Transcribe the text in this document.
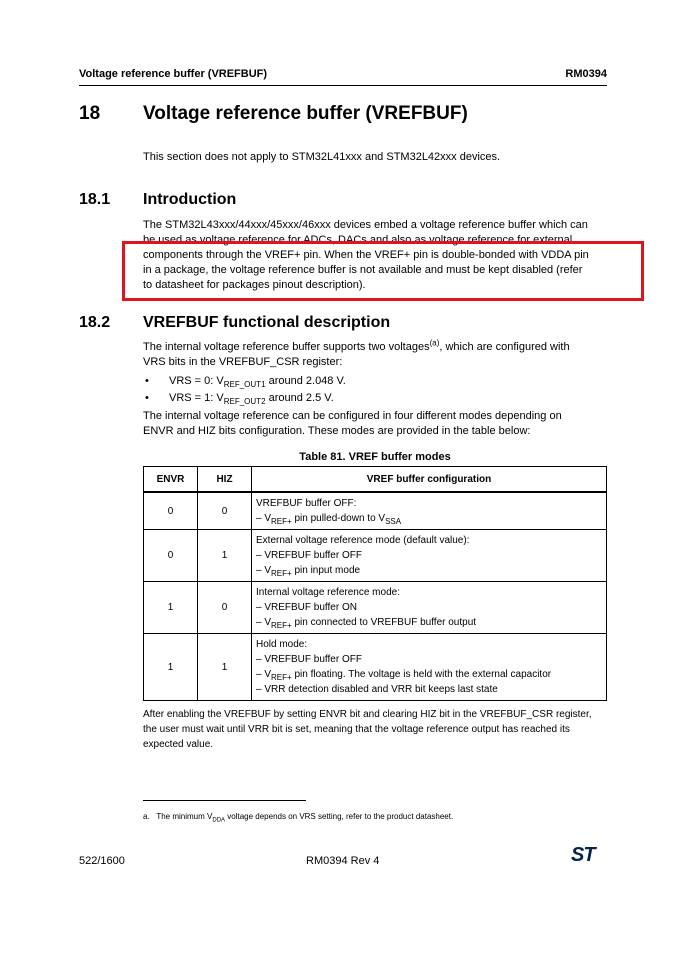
Voltage reference buffer (VREFBUF)	RM0394
18 Voltage reference buffer (VREFBUF)

This section does not apply to STM32L41xxx and STM32L42xxx devices.

18.1 Introduction

The STM32L43xxx/44xxx/45xxx/46xxx devices embed a voltage reference buffer which can

be used as voltage reference for ADCs, DACs and also as voltage reference for external

components through the VREF+ pin. When the VREF+ pin is double-bonded with VDDA pin

in a package, the voltage reference buffer is not available and must be kept disabled (refer

to datasheet for packages pinout description).

18.2 VREFBUF functional description

The internal voltage reference buffer supports two voltages$^{(a)}$, which are configured with

VRS bits in the VREFBUF_CSR register:

• VRS = 0: $V_{REF\_OUT1}$ around 2.048 V.
• VRS = 1: $V_{REF\_OUT2}$ around 2.5 V.

The internal voltage reference can be configured in four different modes depending on

ENVR and HIZ bits configuration. These modes are provided in the table below:

Table 81. VREF buffer modes
ENVR	HIZ	VREF buffer configuration
0	0	VREFBUF buffer OFF:
– $V_{REF+}$ pin pulled-down to $V_{SSA}$

0	1	External voltage reference mode (default value):
– VREFBUF buffer OFF
– $V_{REF+}$ pin input mode

1	0	Internal voltage reference mode:
– VREFBUF buffer ON
– $V_{REF+}$ pin connected to VREFBUF buffer output

1	1	Hold mode:
– VREFBUF buffer OFF
– $V_{REF+}$ pin floating. The voltage is held with the external capacitor
– VRR detection disabled and VRR bit keeps last state

After enabling the VREFBUF by setting ENVR bit and clearing HIZ bit in the VREFBUF_CSR register,

the user must wait until VRR bit is set, meaning that the voltage reference output has reached its

expected value.

a. The minimum $V_{DDA}$ voltage depends on VRS setting, refer to the product datasheet.
522/1600	RM0394 Rev 4	ST
